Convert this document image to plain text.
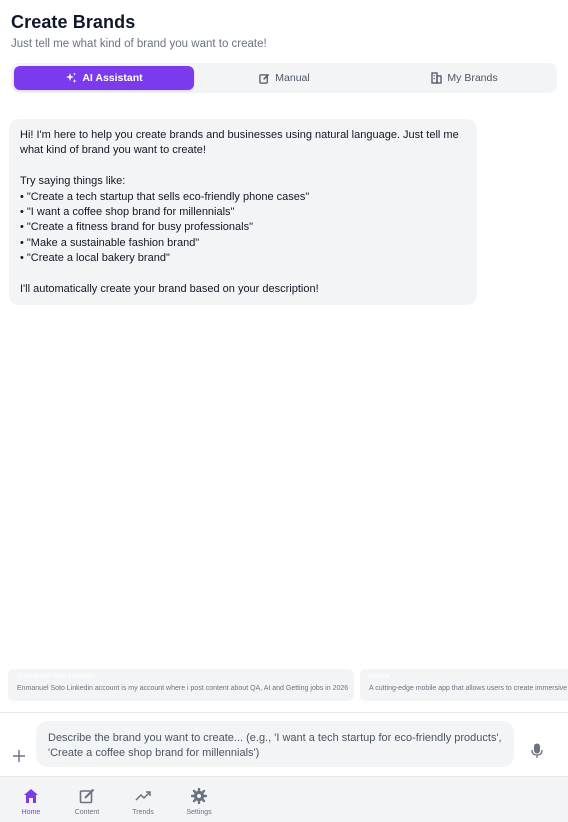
Create Brands
Just tell me what kind of brand you want to create!
AI Assistant	Manual	My Brands
Hi! I'm here to help you create brands and businesses using natural language. Just tell me
what kind of brand you want to create!
Try saying things like:
• "Create a tech startup that sells eco-friendly phone cases"
• "I want a coffee shop brand for millennials"
• "Create a fitness brand for busy professionals"
• "Make a sustainable fashion brand"
• "Create a local bakery brand"
I'll automatically create your brand based on your description!
Emmanuel Soto Linkedin
Enmanuel Soto Linkedin account is my account where i post content about QA, AI and Getting jobs in 2026
Mobile
A cutting-edge mobile app that allows users to create immersive
Describe the brand you want to create... (e.g., 'I want a tech startup for eco-friendly products', 'Create a coffee shop brand for millennials')
Home	Content	Trends	Settings
